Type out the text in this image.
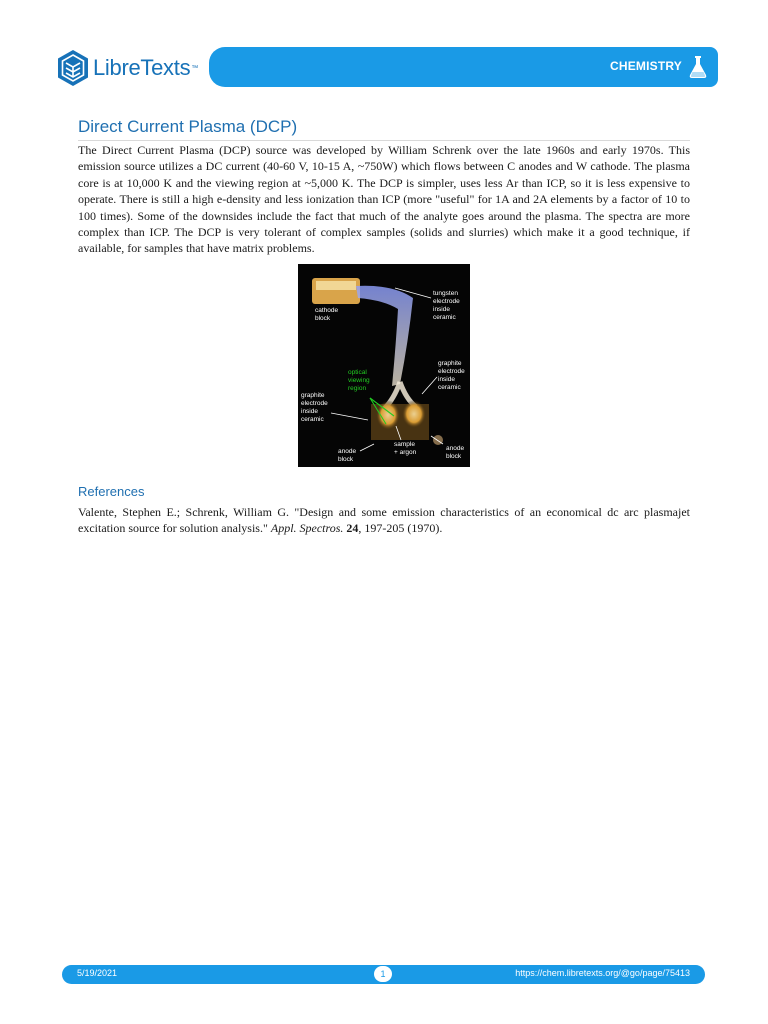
LibreTexts ™	CHEMISTRY
Direct Current Plasma (DCP)

The Direct Current Plasma (DCP) source was developed by William Schrenk over the late 1960s and early 1970s. This emission source utilizes a DC current (40-60 V, 10-15 A, ~750W) which flows between C anodes and W cathode. The plasma core is at 10,000 K and the viewing region at ~5,000 K. The DCP is simpler, uses less Ar than ICP, so it is less expensive to operate. There is still a high e-density and less ionization than ICP (more "useful" for 1A and 2A elements by a factor of 10 to 100 times). Some of the downsides include the fact that much of the analyte goes around the plasma. The spectra are more complex than ICP. The DCP is very tolerant of complex samples (solids and slurries) which make it a good technique, if available, for samples that have matrix problems.

cathode
block
tungsten
electrode
inside
ceramic
graphite
electrode
inside
ceramic
graphite
electrode
inside
ceramic
anode
block
sample
+ argon
anode
block
optical
viewing
region
References

Valente, Stephen E.; Schrenk, William G. "Design and some emission characteristics of an economical dc arc plasmajet excitation source for solution analysis." Appl. Spectros. 24, 197-205 (1970).

5/19/2021	1	https://chem.libretexts.org/@go/page/75413
